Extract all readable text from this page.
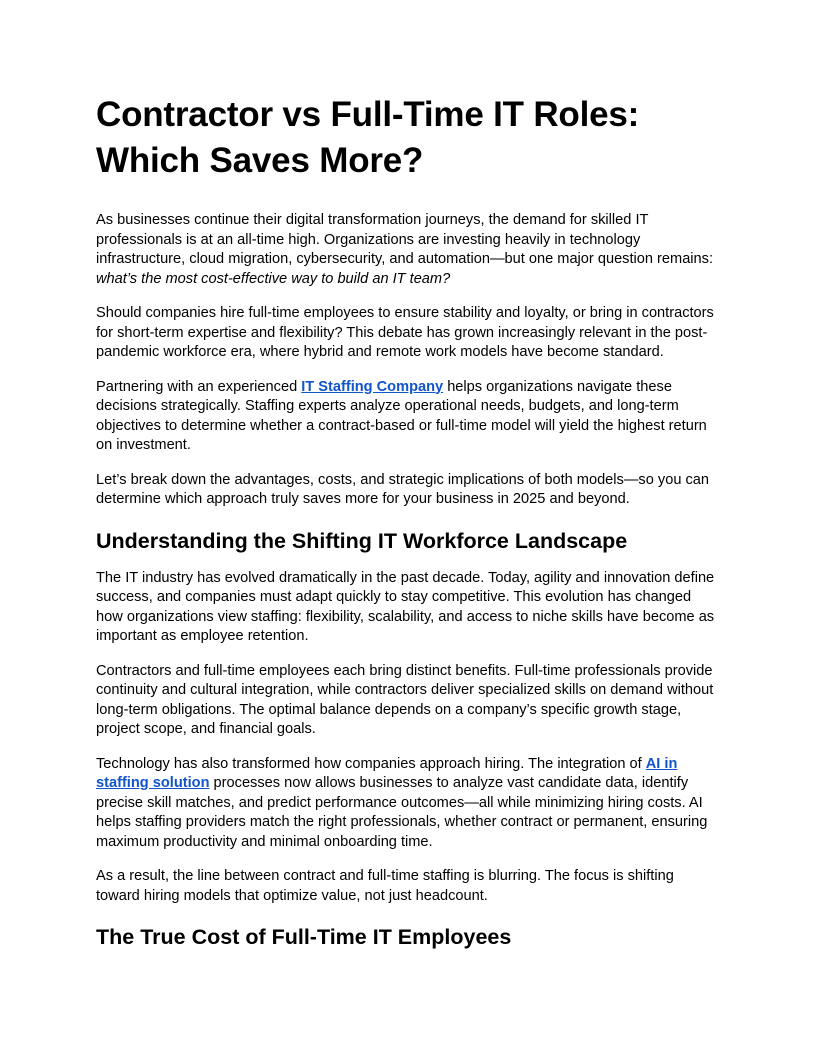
Contractor vs Full-Time IT Roles: Which Saves More?

As businesses continue their digital transformation journeys, the demand for skilled IT professionals is at an all-time high. Organizations are investing heavily in technology infrastructure, cloud migration, cybersecurity, and automation—but one major question remains: what’s the most cost-effective way to build an IT team?

Should companies hire full-time employees to ensure stability and loyalty, or bring in contractors for short-term expertise and flexibility? This debate has grown increasingly relevant in the post-pandemic workforce era, where hybrid and remote work models have become standard.

Partnering with an experienced IT Staffing Company helps organizations navigate these decisions strategically. Staffing experts analyze operational needs, budgets, and long-term objectives to determine whether a contract-based or full-time model will yield the highest return on investment.

Let’s break down the advantages, costs, and strategic implications of both models—so you can determine which approach truly saves more for your business in 2025 and beyond.

Understanding the Shifting IT Workforce Landscape

The IT industry has evolved dramatically in the past decade. Today, agility and innovation define success, and companies must adapt quickly to stay competitive. This evolution has changed how organizations view staffing: flexibility, scalability, and access to niche skills have become as important as employee retention.

Contractors and full-time employees each bring distinct benefits. Full-time professionals provide continuity and cultural integration, while contractors deliver specialized skills on demand without long-term obligations. The optimal balance depends on a company’s specific growth stage, project scope, and financial goals.

Technology has also transformed how companies approach hiring. The integration of AI in staffing solution processes now allows businesses to analyze vast candidate data, identify precise skill matches, and predict performance outcomes—all while minimizing hiring costs. AI helps staffing providers match the right professionals, whether contract or permanent, ensuring maximum productivity and minimal onboarding time.

As a result, the line between contract and full-time staffing is blurring. The focus is shifting toward hiring models that optimize value, not just headcount.

The True Cost of Full-Time IT Employees
